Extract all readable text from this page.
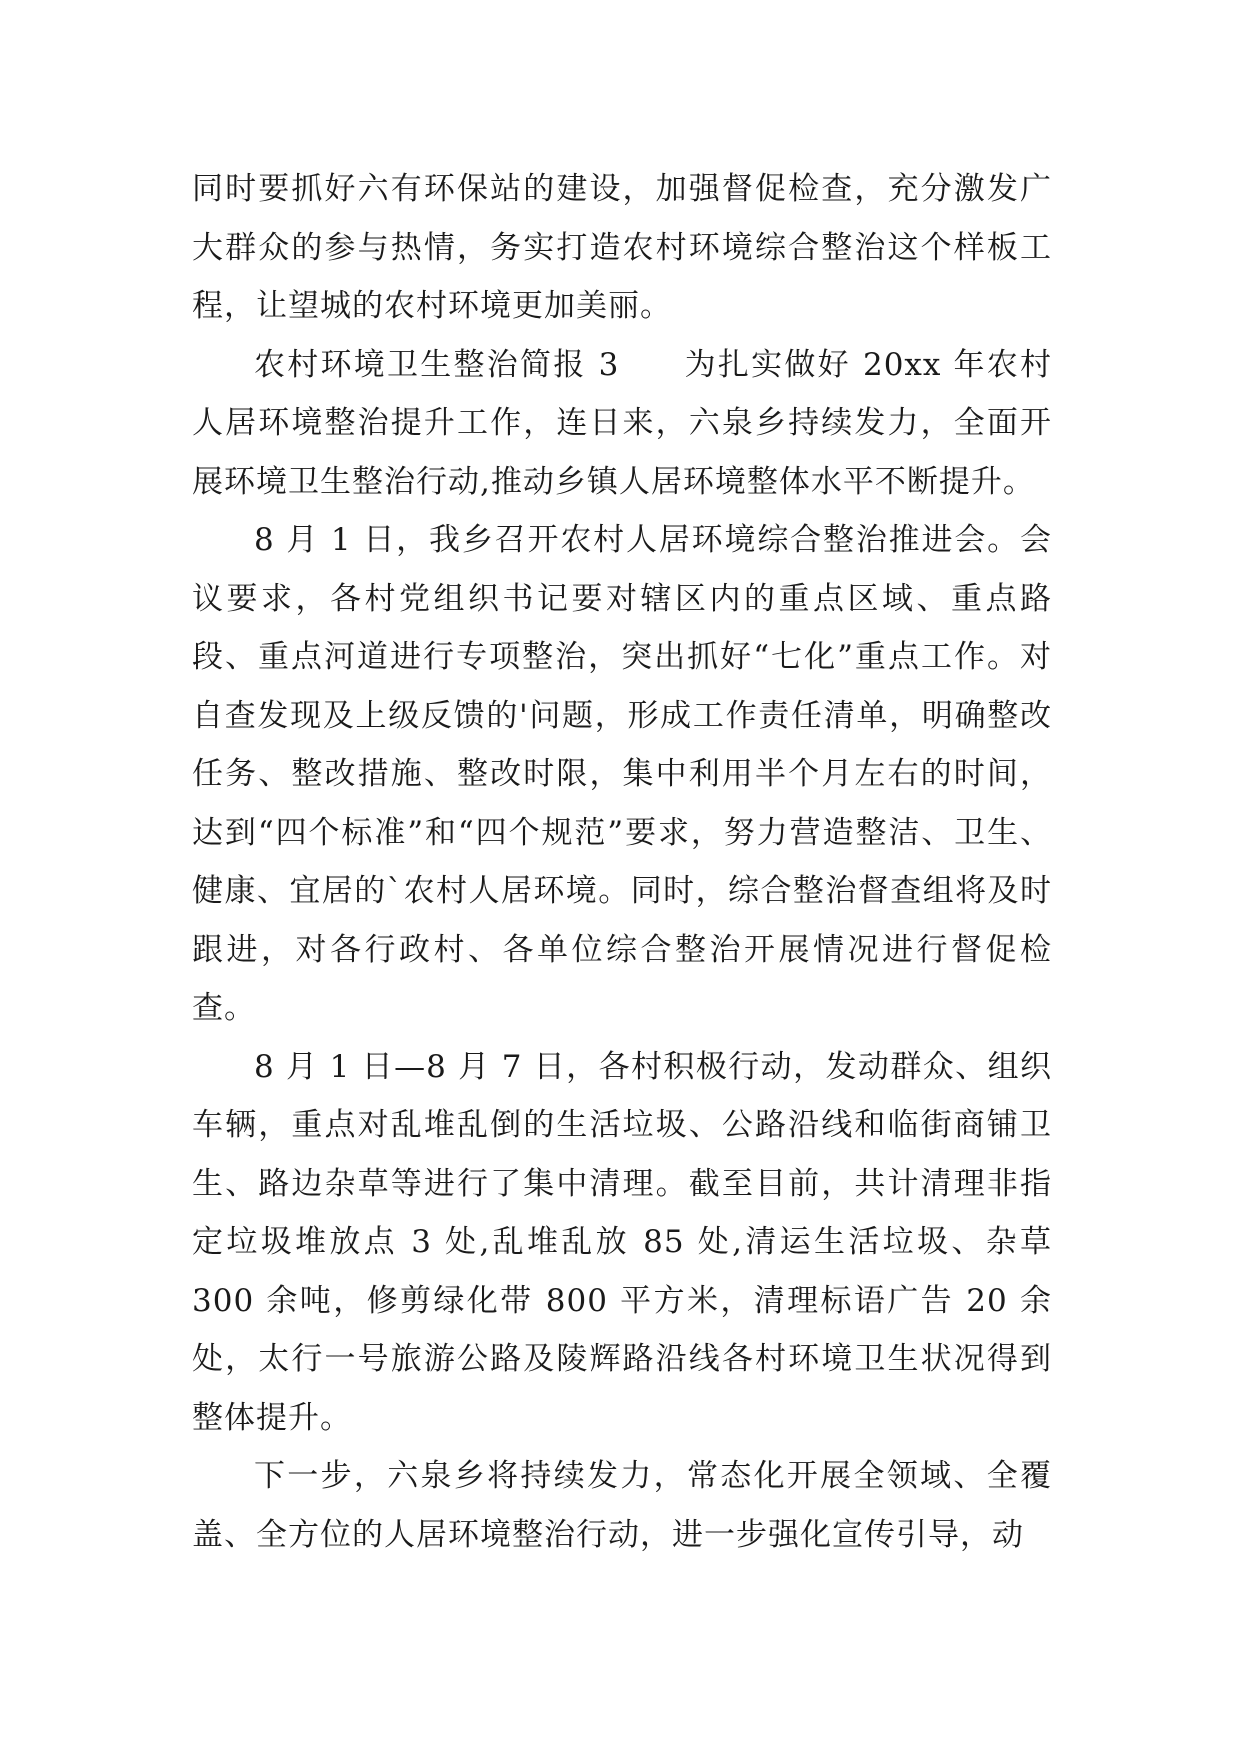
同时要抓好六有环保站的建设，加强督促检查，充分激发广大群众的参与热情，务实打造农村环境综合整治这个样板工程，让望城的农村环境更加美丽。

农村环境卫生整治简报 3 为扎实做好 20xx 年农村人居环境整治提升工作，连日来，六泉乡持续发力，全面开展环境卫生整治行动,推动乡镇人居环境整体水平不断提升。

8 月 1 日，我乡召开农村人居环境综合整治推进会。会议要求，各村党组织书记要对辖区内的重点区域、重点路段、重点河道进行专项整治，突出抓好“七化”重点工作。对自查发现及上级反馈的'问题，形成工作责任清单，明确整改任务、整改措施、整改时限，集中利用半个月左右的时间，达到“四个标准”和“四个规范”要求，努力营造整洁、卫生、健康、宜居的`农村人居环境。同时，综合整治督查组将及时跟进，对各行政村、各单位综合整治开展情况进行督促检查。

8 月 1 日—8 月 7 日，各村积极行动，发动群众、组织车辆，重点对乱堆乱倒的生活垃圾、公路沿线和临街商铺卫生、路边杂草等进行了集中清理。截至目前，共计清理非指定垃圾堆放点 3 处,乱堆乱放 85 处,清运生活垃圾、杂草 300 余吨，修剪绿化带 800 平方米，清理标语广告 20 余处，太行一号旅游公路及陵辉路沿线各村环境卫生状况得到整体提升。

下一步，六泉乡将持续发力，常态化开展全领域、全覆盖、全方位的人居环境整治行动，进一步强化宣传引导，动
